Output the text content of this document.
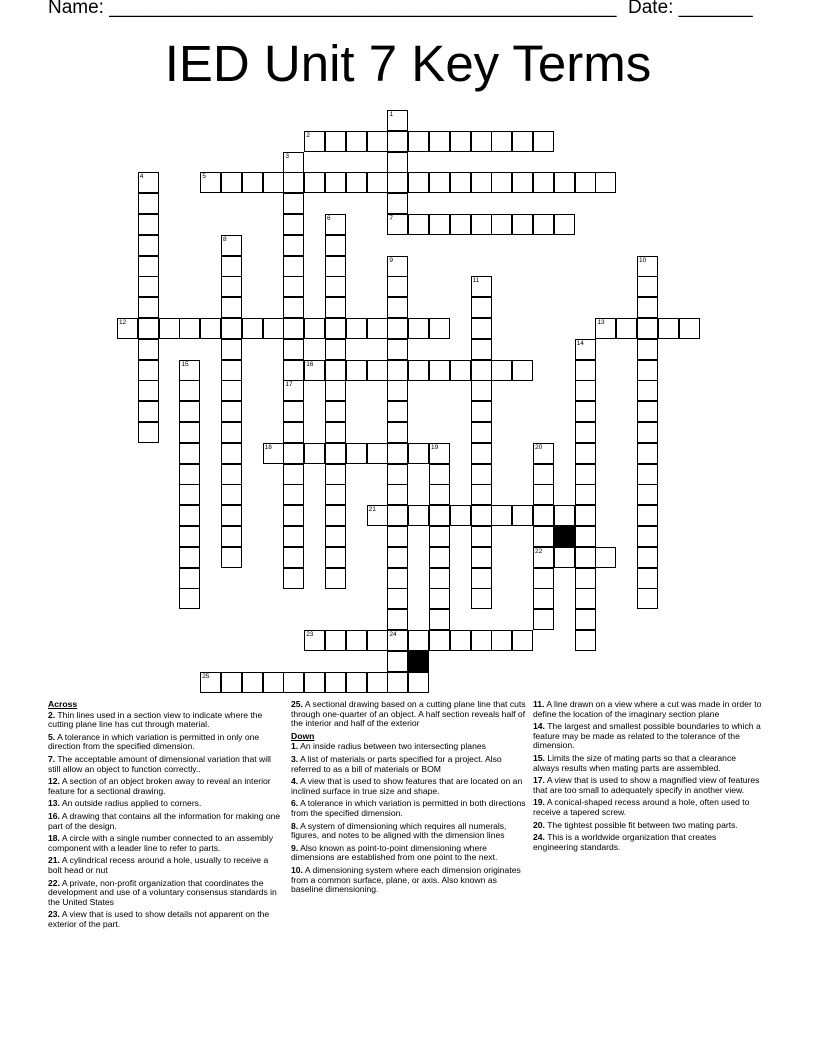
Name: ________________________________________________ Date: _______
IED Unit 7 Key Terms
1
7
2
3
17
4	5
6
8
9
24
10
11
12	13
14
15	16
18	19	20
22
21
23
25
Across
2. Thin lines used in a section view to indicate where the cutting plane line has cut through material.
5. A tolerance in which variation is permitted in only one direction from the specified dimension.
7. The acceptable amount of dimensional variation that will still allow an object to function correctly..
12. A section of an object broken away to reveal an interior feature for a sectional drawing.
13. An outside radius applied to corners.
16. A drawing that contains all the information for making one part of the design.
18. A circle with a single number connected to an assembly component with a leader line to refer to parts.
21. A cylindrical recess around a hole, usually to receive a bolt head or nut
22. A private, non-profit organization that coordinates the development and use of a voluntary consensus standards in the United States
23. A view that is used to show details not apparent on the exterior of the part.
25. A sectional drawing based on a cutting plane line that cuts through one-quarter of an object. A half section reveals half of the interior and half of the exterior
Down
1. An inside radius between two intersecting planes
3. A list of materials or parts specified for a project. Also referred to as a bill of materials or BOM
4. A view that is used to show features that are located on an inclined surface in true size and shape.
6. A tolerance in which variation is permitted in both directions from the specified dimension.
8. A system of dimensioning which requires all numerals, figures, and notes to be aligned with the dimension lines
9. Also known as point-to-point dimensioning where dimensions are established from one point to the next.
10. A dimensioning system where each dimension originates from a common surface, plane, or axis. Also known as baseline dimensioning.
11. A line drawn on a view where a cut was made in order to define the location of the imaginary section plane
14. The largest and smallest possible boundaries to which a feature may be made as related to the tolerance of the dimension.
15. Limits the size of mating parts so that a clearance always results when mating parts are assembled.
17. A view that is used to show a magnified view of features that are too small to adequately specify in another view.
19. A conical-shaped recess around a hole, often used to receive a tapered screw.
20. The tightest possible fit between two mating parts.
24. This is a worldwide organization that creates engineering standards.
